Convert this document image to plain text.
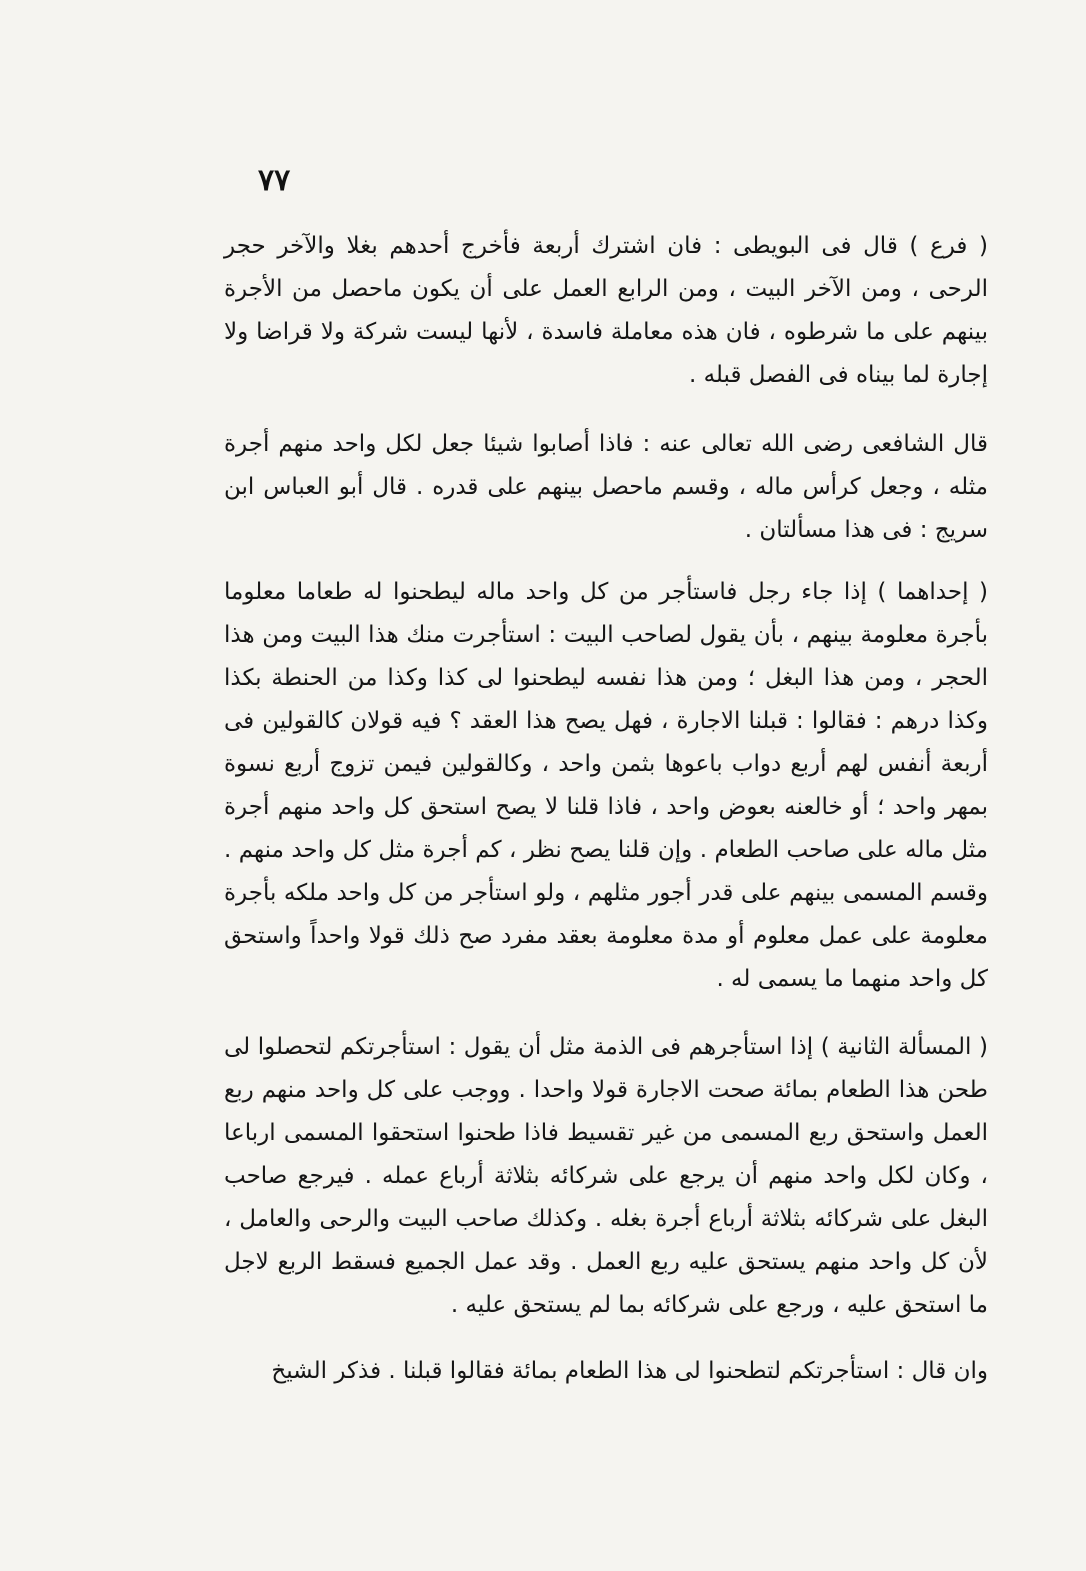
٧٧

( فرع ) قال فى البويطى : فان اشترك أربعة فأخرج أحدهم بغلا والآخر حجر الرحى ، ومن الآخر البيت ، ومن الرابع العمل على أن يكون ماحصل من الأجرة بينهم على ما شرطوه ، فان هذه معاملة فاسدة ، لأنها ليست شركة ولا قراضا ولا إجارة لما بيناه فى الفصل قبله .

قال الشافعى رضى الله تعالى عنه : فاذا أصابوا شيئا جعل لكل واحد منهم أجرة مثله ، وجعل كرأس ماله ، وقسم ماحصل بينهم على قدره . قال أبو العباس ابن سريج : فى هذا مسألتان .

( إحداهما ) إذا جاء رجل فاستأجر من كل واحد ماله ليطحنوا له طعاما معلوما بأجرة معلومة بينهم ، بأن يقول لصاحب البيت : استأجرت منك هذا البيت ومن هذا الحجر ، ومن هذا البغل ؛ ومن هذا نفسه ليطحنوا لى كذا وكذا من الحنطة بكذا وكذا درهم : فقالوا : قبلنا الاجارة ، فهل يصح هذا العقد ؟ فيه قولان كالقولين فى أربعة أنفس لهم أربع دواب باعوها بثمن واحد ، وكالقولين فيمن تزوج أربع نسوة بمهر واحد ؛ أو خالعنه بعوض واحد ، فاذا قلنا لا يصح استحق كل واحد منهم أجرة مثل ماله على صاحب الطعام . وإن قلنا يصح نظر ، كم أجرة مثل كل واحد منهم . وقسم المسمى بينهم على قدر أجور مثلهم ، ولو استأجر من كل واحد ملكه بأجرة معلومة على عمل معلوم أو مدة معلومة بعقد مفرد صح ذلك قولا واحداً واستحق كل واحد منهما ما يسمى له .

( المسألة الثانية ) إذا استأجرهم فى الذمة مثل أن يقول : استأجرتكم لتحصلوا لى طحن هذا الطعام بمائة صحت الاجارة قولا واحدا . ووجب على كل واحد منهم ربع العمل واستحق ربع المسمى من غير تقسيط فاذا طحنوا استحقوا المسمى ارباعا ، وكان لكل واحد منهم أن يرجع على شركائه بثلاثة أرباع عمله . فيرجع صاحب البغل على شركائه بثلاثة أرباع أجرة بغله . وكذلك صاحب البيت والرحى والعامل ، لأن كل واحد منهم يستحق عليه ربع العمل . وقد عمل الجميع فسقط الربع لاجل ما استحق عليه ، ورجع على شركائه بما لم يستحق عليه .

وان قال : استأجرتكم لتطحنوا لى هذا الطعام بمائة فقالوا قبلنا . فذكر الشيخ
